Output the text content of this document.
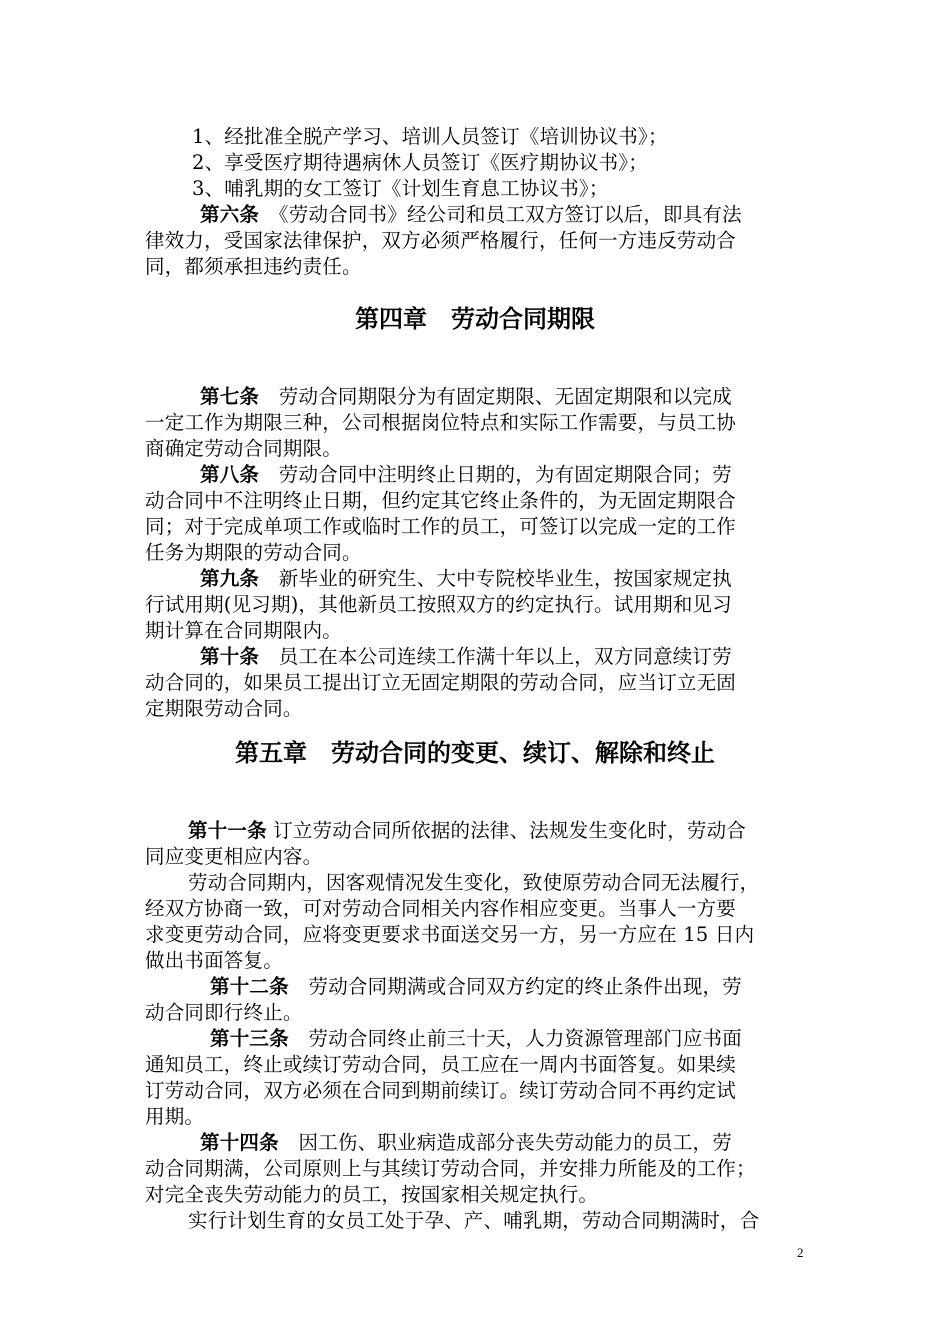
1、经批准全脱产学习、培训人员签订《培训协议书》；
2、享受医疗期待遇病休人员签订《医疗期协议书》；
3、哺乳期的女工签订《计划生育息工协议书》；
第六条　《劳动合同书》经公司和员工双方签订以后，即具有法
律效力，受国家法律保护，双方必须严格履行，任何一方违反劳动合
同，都须承担违约责任。
第四章　劳动合同期限
第七条　劳动合同期限分为有固定期限、无固定期限和以完成
一定工作为期限三种，公司根据岗位特点和实际工作需要，与员工协
商确定劳动合同期限。
第八条　劳动合同中注明终止日期的，为有固定期限合同；劳
动合同中不注明终止日期，但约定其它终止条件的，为无固定期限合
同；对于完成单项工作或临时工作的员工，可签订以完成一定的工作
任务为期限的劳动合同。
第九条　新毕业的研究生、大中专院校毕业生，按国家规定执
行试用期(见习期)，其他新员工按照双方的约定执行。试用期和见习
期计算在合同期限内。
第十条　员工在本公司连续工作满十年以上，双方同意续订劳
动合同的，如果员工提出订立无固定期限的劳动合同，应当订立无固
定期限劳动合同。
第五章　劳动合同的变更、续订、解除和终止
第十一条 订立劳动合同所依据的法律、法规发生变化时，劳动合
同应变更相应内容。
劳动合同期内，因客观情况发生变化，致使原劳动合同无法履行，
经双方协商一致，可对劳动合同相关内容作相应变更。当事人一方要
求变更劳动合同，应将变更要求书面送交另一方，另一方应在 15 日内
做出书面答复。
第十二条　劳动合同期满或合同双方约定的终止条件出现，劳
动合同即行终止。
第十三条　劳动合同终止前三十天，人力资源管理部门应书面
通知员工，终止或续订劳动合同，员工应在一周内书面答复。如果续
订劳动合同，双方必须在合同到期前续订。续订劳动合同不再约定试
用期。
第十四条　因工伤、职业病造成部分丧失劳动能力的员工，劳
动合同期满，公司原则上与其续订劳动合同，并安排力所能及的工作；
对完全丧失劳动能力的员工，按国家相关规定执行。
实行计划生育的女员工处于孕、产、哺乳期，劳动合同期满时，合
2
